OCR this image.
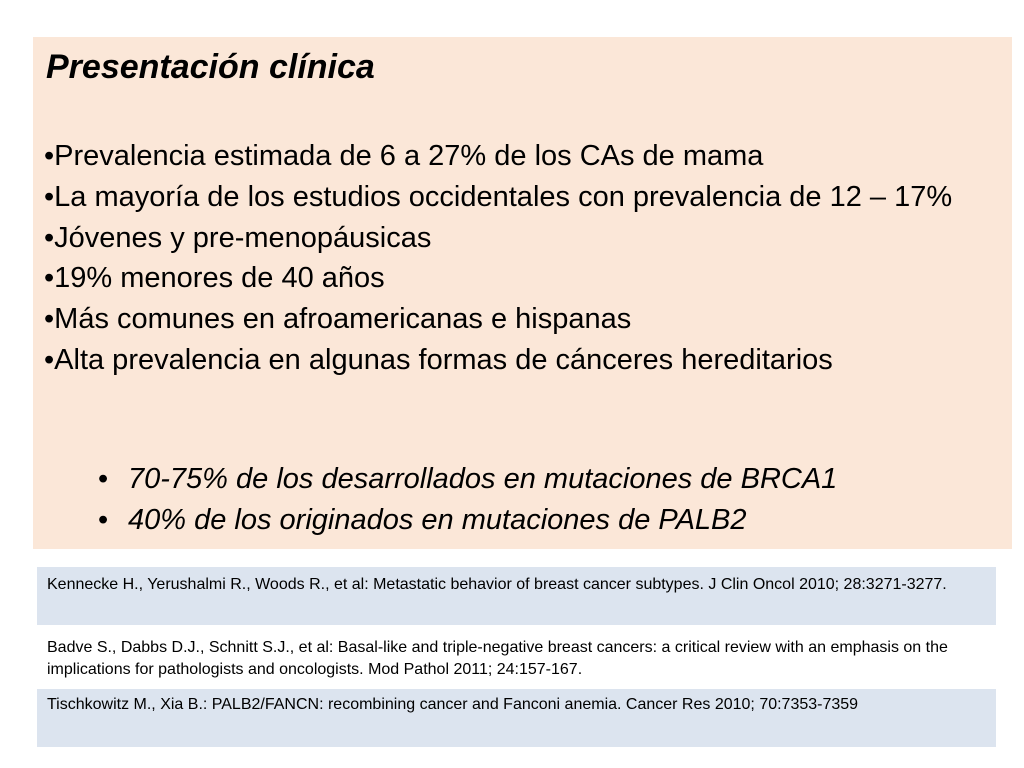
Presentación clínica
•Prevalencia estimada de 6 a 27% de los CAs de mama
•La mayoría de los estudios occidentales con prevalencia de 12 – 17%
•Jóvenes y pre-menopáusicas
•19% menores de 40 años
•Más comunes en afroamericanas e hispanas
•Alta prevalencia en algunas formas de cánceres hereditarios
• 70-75% de los desarrollados en mutaciones de BRCA1
• 40% de los originados en mutaciones de PALB2
Kennecke H., Yerushalmi R., Woods R., et al: Metastatic behavior of breast cancer subtypes. J Clin Oncol 2010; 28:3271-3277.
Badve S., Dabbs D.J., Schnitt S.J., et al: Basal-like and triple-negative breast cancers: a critical review with an emphasis on the implications for pathologists and oncologists. Mod Pathol 2011; 24:157-167.
Tischkowitz M., Xia B.: PALB2/FANCN: recombining cancer and Fanconi anemia. Cancer Res 2010; 70:7353-7359
